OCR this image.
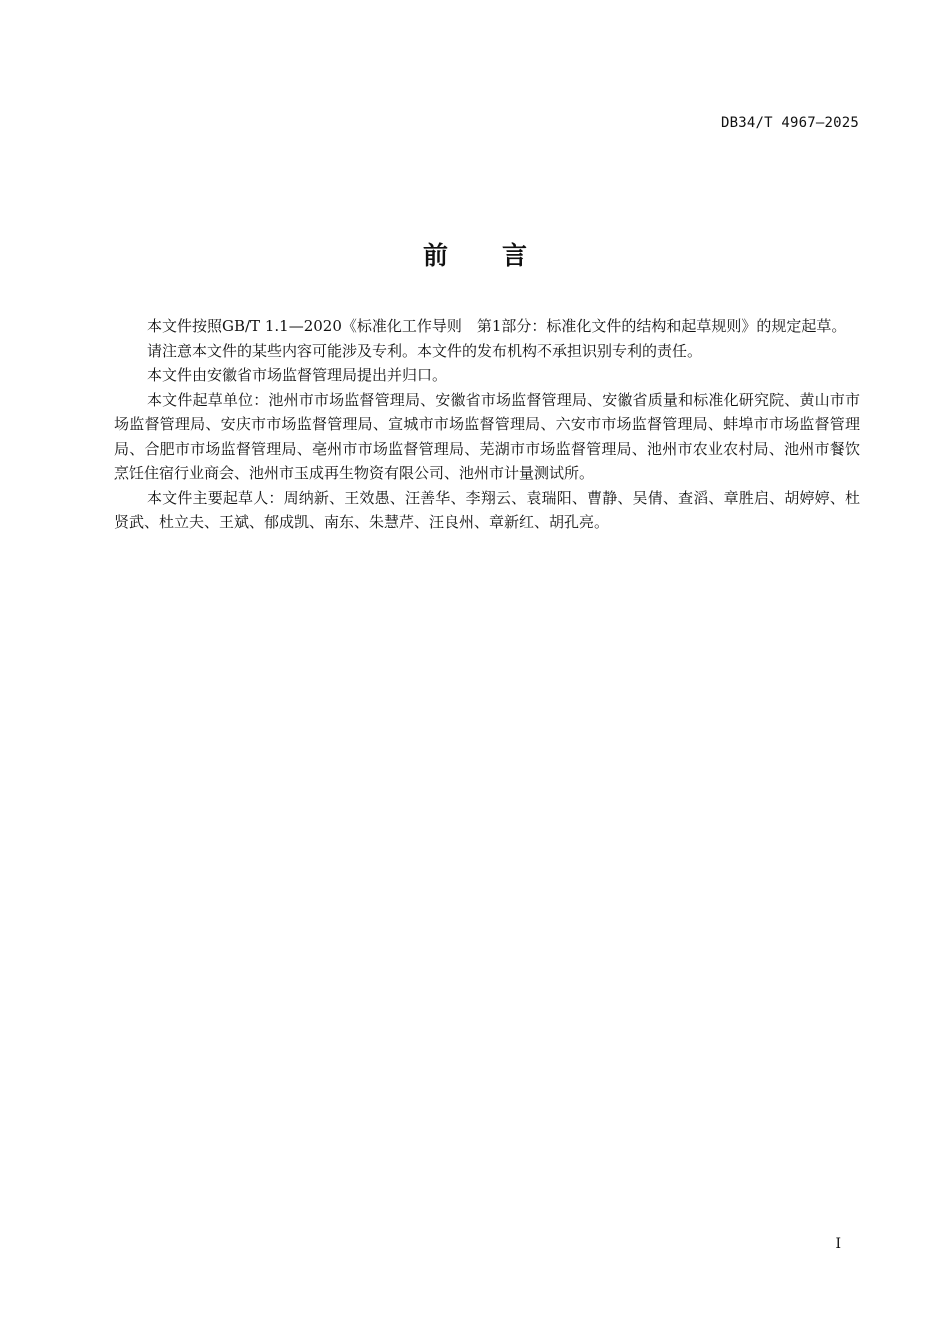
DB34/T 4967—2025
前言

本文件按照GB/T 1.1—2020《标准化工作导则　第1部分：标准化文件的结构和起草规则》的规定起草。

请注意本文件的某些内容可能涉及专利。本文件的发布机构不承担识别专利的责任。

本文件由安徽省市场监督管理局提出并归口。

本文件起草单位：池州市市场监督管理局、安徽省市场监督管理局、安徽省质量和标准化研究院、黄山市市场监督管理局、安庆市市场监督管理局、宣城市市场监督管理局、六安市市场监督管理局、蚌埠市市场监督管理局、合肥市市场监督管理局、亳州市市场监督管理局、芜湖市市场监督管理局、池州市农业农村局、池州市餐饮烹饪住宿行业商会、池州市玉成再生物资有限公司、池州市计量测试所。

本文件主要起草人：周纳新、王效愚、汪善华、李翔云、袁瑞阳、曹静、吴倩、查滔、章胜启、胡婷婷、杜贤武、杜立夫、王斌、郁成凯、南东、朱慧芹、汪良州、章新红、胡孔亮。

I
